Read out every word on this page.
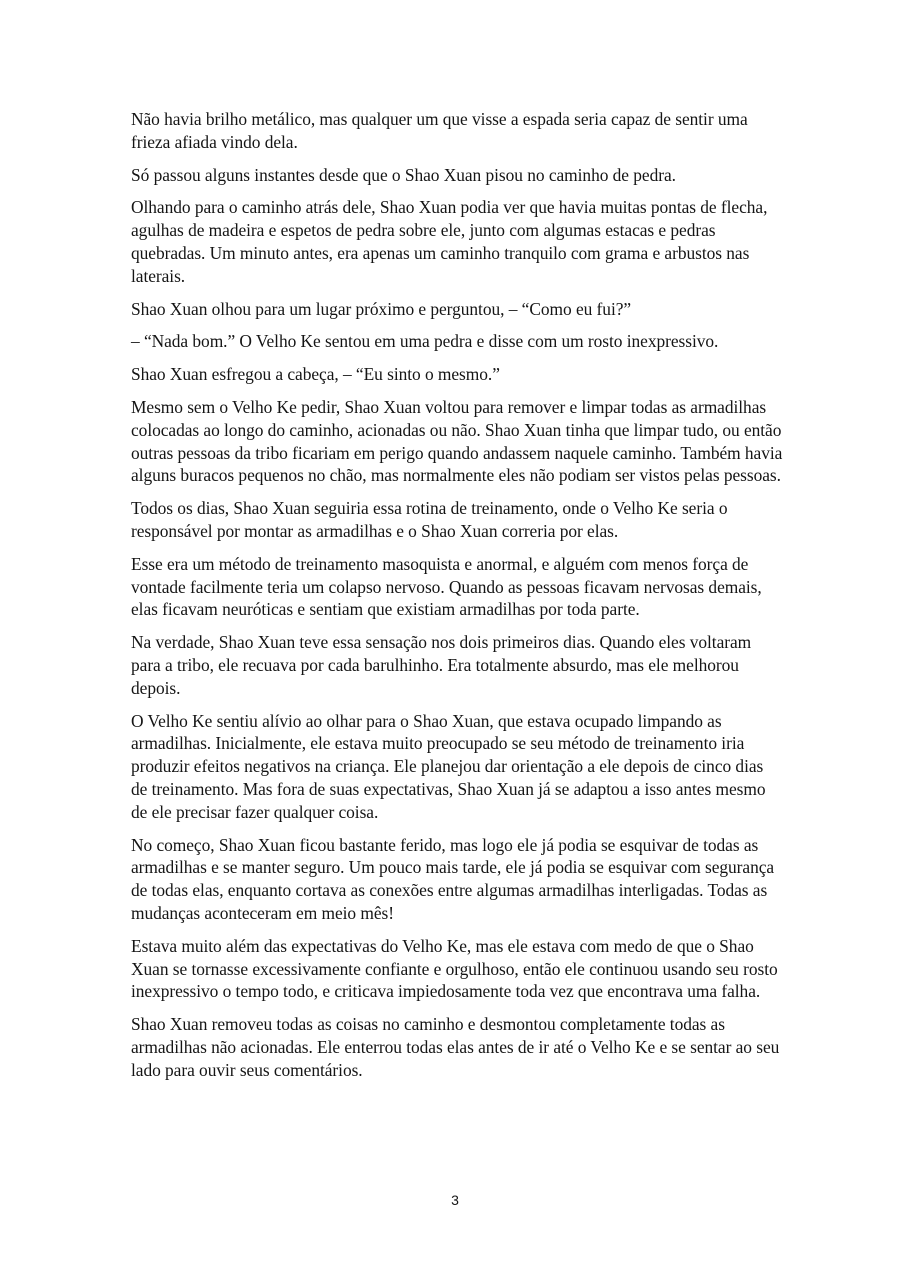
Não havia brilho metálico, mas qualquer um que visse a espada seria capaz de sentir uma frieza afiada vindo dela.

Só passou alguns instantes desde que o Shao Xuan pisou no caminho de pedra.

Olhando para o caminho atrás dele, Shao Xuan podia ver que havia muitas pontas de flecha, agulhas de madeira e espetos de pedra sobre ele, junto com algumas estacas e pedras quebradas. Um minuto antes, era apenas um caminho tranquilo com grama e arbustos nas laterais.

Shao Xuan olhou para um lugar próximo e perguntou, – “Como eu fui?”

– “Nada bom.” O Velho Ke sentou em uma pedra e disse com um rosto inexpressivo.

Shao Xuan esfregou a cabeça, – “Eu sinto o mesmo.”

Mesmo sem o Velho Ke pedir, Shao Xuan voltou para remover e limpar todas as armadilhas colocadas ao longo do caminho, acionadas ou não. Shao Xuan tinha que limpar tudo, ou então outras pessoas da tribo ficariam em perigo quando andassem naquele caminho. Também havia alguns buracos pequenos no chão, mas normalmente eles não podiam ser vistos pelas pessoas.

Todos os dias, Shao Xuan seguiria essa rotina de treinamento, onde o Velho Ke seria o responsável por montar as armadilhas e o Shao Xuan correria por elas.

Esse era um método de treinamento masoquista e anormal, e alguém com menos força de vontade facilmente teria um colapso nervoso. Quando as pessoas ficavam nervosas demais, elas ficavam neuróticas e sentiam que existiam armadilhas por toda parte.

Na verdade, Shao Xuan teve essa sensação nos dois primeiros dias. Quando eles voltaram para a tribo, ele recuava por cada barulhinho. Era totalmente absurdo, mas ele melhorou depois.

O Velho Ke sentiu alívio ao olhar para o Shao Xuan, que estava ocupado limpando as armadilhas. Inicialmente, ele estava muito preocupado se seu método de treinamento iria produzir efeitos negativos na criança. Ele planejou dar orientação a ele depois de cinco dias de treinamento. Mas fora de suas expectativas, Shao Xuan já se adaptou a isso antes mesmo de ele precisar fazer qualquer coisa.

No começo, Shao Xuan ficou bastante ferido, mas logo ele já podia se esquivar de todas as armadilhas e se manter seguro. Um pouco mais tarde, ele já podia se esquivar com segurança de todas elas, enquanto cortava as conexões entre algumas armadilhas interligadas. Todas as mudanças aconteceram em meio mês!

Estava muito além das expectativas do Velho Ke, mas ele estava com medo de que o Shao Xuan se tornasse excessivamente confiante e orgulhoso, então ele continuou usando seu rosto inexpressivo o tempo todo, e criticava impiedosamente toda vez que encontrava uma falha.

Shao Xuan removeu todas as coisas no caminho e desmontou completamente todas as armadilhas não acionadas. Ele enterrou todas elas antes de ir até o Velho Ke e se sentar ao seu lado para ouvir seus comentários.

3
